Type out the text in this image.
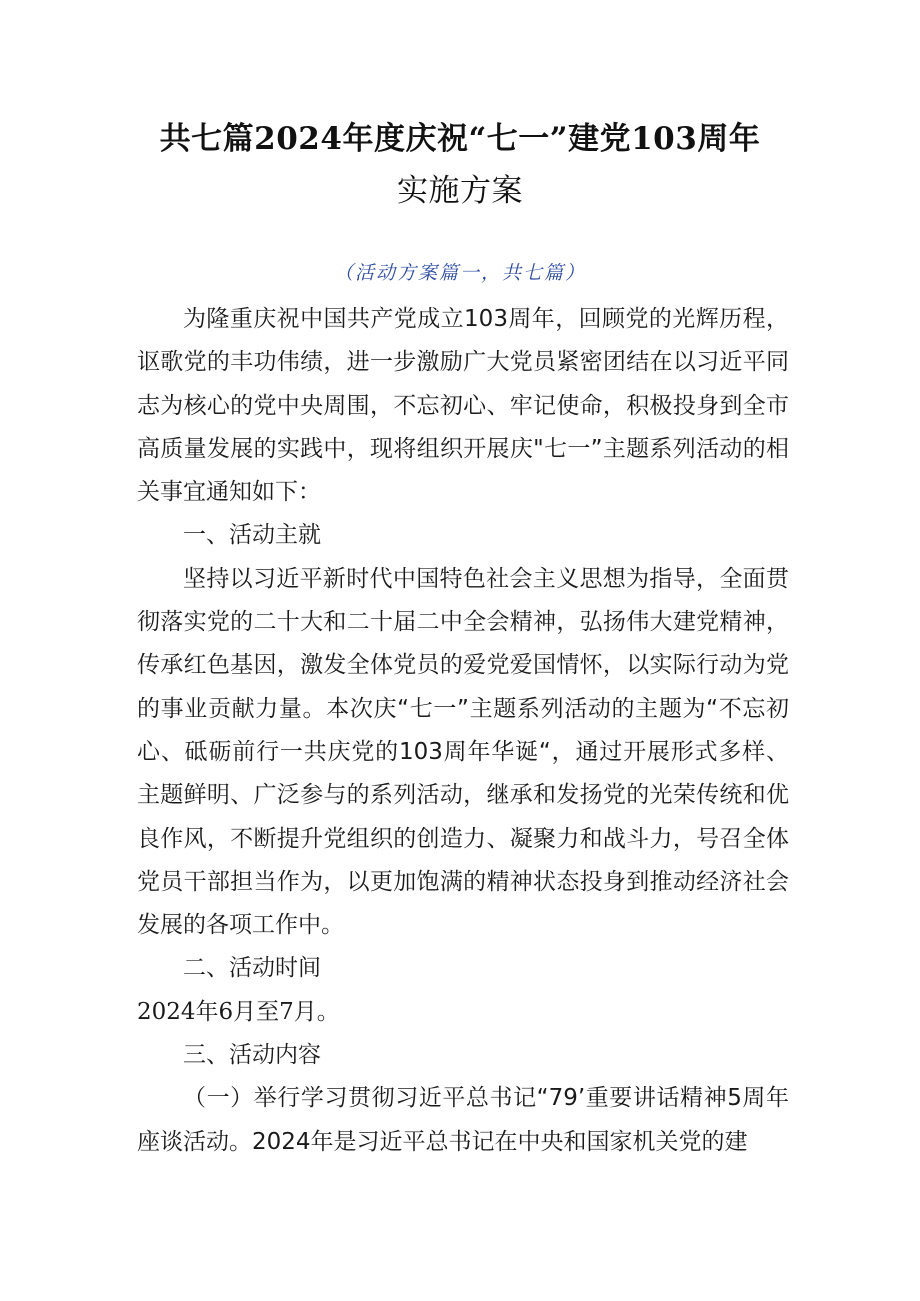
共七篇2024年度庆祝“七一”建党103周年
实施方案
（活动方案篇一，共七篇）

为隆重庆祝中国共产党成立103周年，回顾党的光辉历程，讴歌党的丰功伟绩，进一步激励广大党员紧密团结在以习近平同志为核心的党中央周围，不忘初心、牢记使命，积极投身到全市高质量发展的实践中，现将组织开展庆"七一”主题系列活动的相关事宜通知如下：

一、活动主就

坚持以习近平新时代中国特色社会主义思想为指导，全面贯彻落实党的二十大和二十届二中全会精神，弘扬伟大建党精神，传承红色基因，激发全体党员的爱党爱国情怀，以实际行动为党的事业贡献力量。本次庆“七一”主题系列活动的主题为“不忘初心、砥砺前行一共庆党的103周年华诞“，通过开展形式多样、主题鲜明、广泛参与的系列活动，继承和发扬党的光荣传统和优良作风，不断提升党组织的创造力、凝聚力和战斗力，号召全体党员干部担当作为，以更加饱满的精神状态投身到推动经济社会发展的各项工作中。

二、活动时间

2024年6月至7月。

三、活动内容

（一）举行学习贯彻习近平总书记“79’重要讲话精神5周年座谈活动。2024年是习近平总书记在中央和国家机关党的建
